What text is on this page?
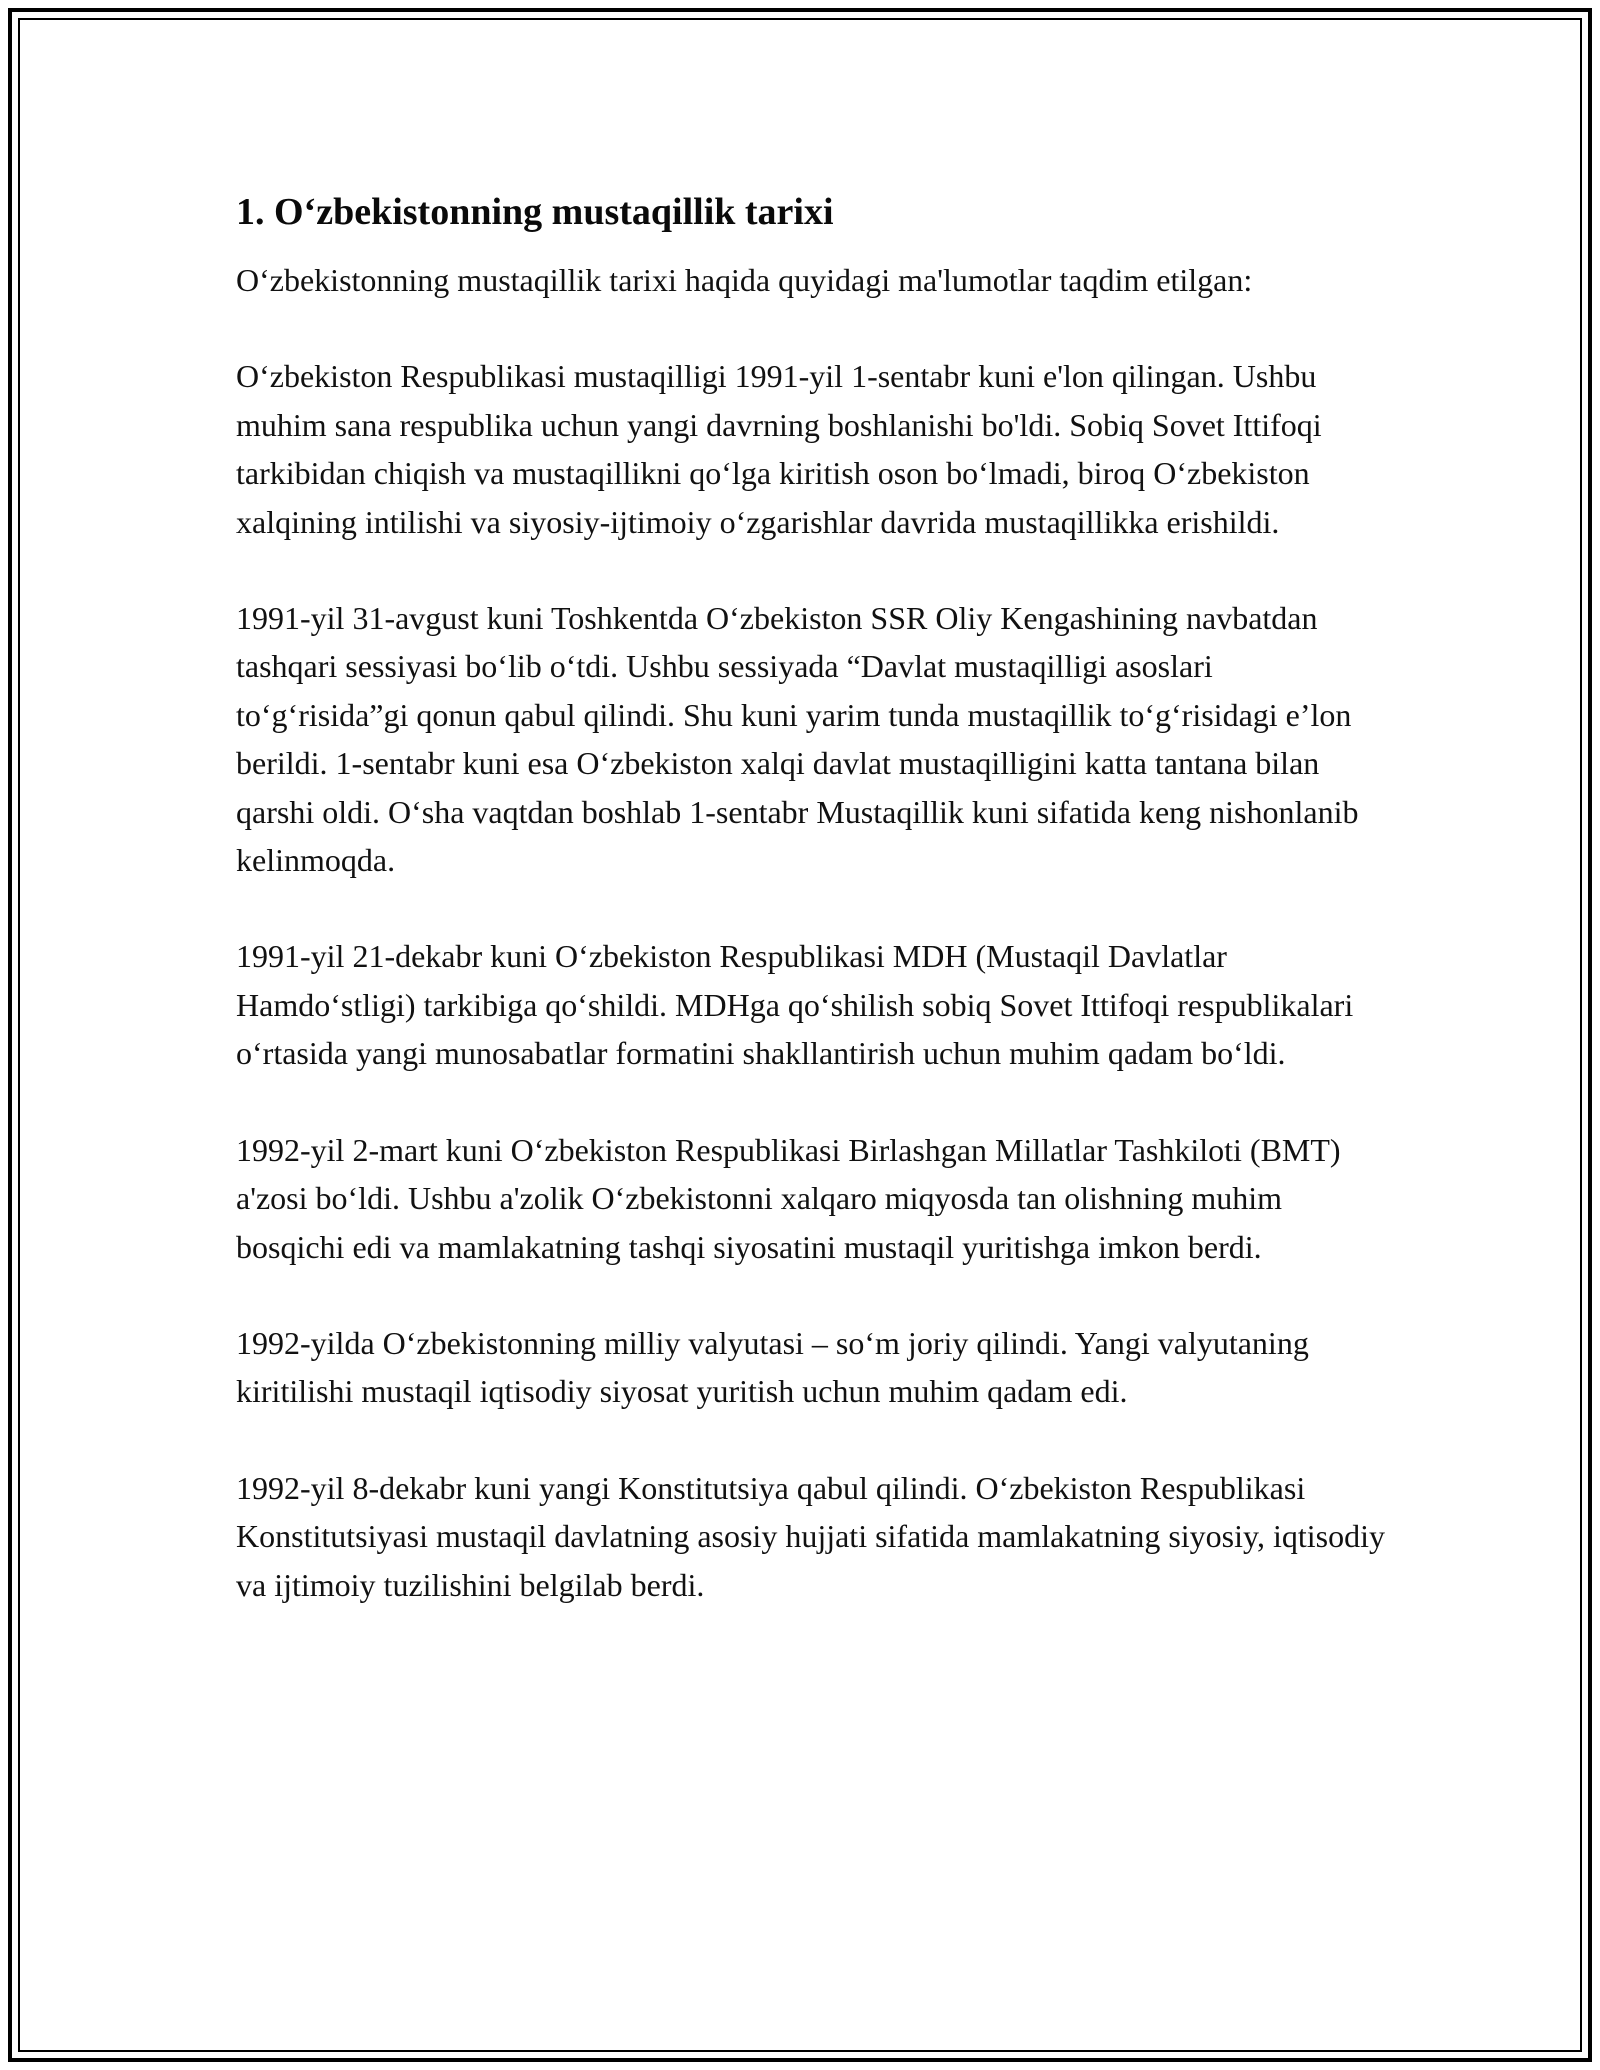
1. O‘zbekistonning mustaqillik tarixi

O‘zbekistonning mustaqillik tarixi haqida quyidagi ma'lumotlar taqdim etilgan:

O‘zbekiston Respublikasi mustaqilligi 1991-yil 1-sentabr kuni e'lon qilingan. Ushbu muhim sana respublika uchun yangi davrning boshlanishi bo'ldi. Sobiq Sovet Ittifoqi tarkibidan chiqish va mustaqillikni qo‘lga kiritish oson bo‘lmadi, biroq O‘zbekiston xalqining intilishi va siyosiy-ijtimoiy o‘zgarishlar davrida mustaqillikka erishildi.

1991-yil 31-avgust kuni Toshkentda O‘zbekiston SSR Oliy Kengashining navbatdan tashqari sessiyasi bo‘lib o‘tdi. Ushbu sessiyada “Davlat mustaqilligi asoslari to‘g‘risida”gi qonun qabul qilindi. Shu kuni yarim tunda mustaqillik to‘g‘risidagi e’lon berildi. 1-sentabr kuni esa O‘zbekiston xalqi davlat mustaqilligini katta tantana bilan qarshi oldi. O‘sha vaqtdan boshlab 1-sentabr Mustaqillik kuni sifatida keng nishonlanib kelinmoqda.

1991-yil 21-dekabr kuni O‘zbekiston Respublikasi MDH (Mustaqil Davlatlar Hamdo‘stligi) tarkibiga qo‘shildi. MDHga qo‘shilish sobiq Sovet Ittifoqi respublikalari o‘rtasida yangi munosabatlar formatini shakllantirish uchun muhim qadam bo‘ldi.

1992-yil 2-mart kuni O‘zbekiston Respublikasi Birlashgan Millatlar Tashkiloti (BMT) a'zosi bo‘ldi. Ushbu a'zolik O‘zbekistonni xalqaro miqyosda tan olishning muhim bosqichi edi va mamlakatning tashqi siyosatini mustaqil yuritishga imkon berdi.

1992-yilda O‘zbekistonning milliy valyutasi – so‘m joriy qilindi. Yangi valyutaning kiritilishi mustaqil iqtisodiy siyosat yuritish uchun muhim qadam edi.

1992-yil 8-dekabr kuni yangi Konstitutsiya qabul qilindi. O‘zbekiston Respublikasi Konstitutsiyasi mustaqil davlatning asosiy hujjati sifatida mamlakatning siyosiy, iqtisodiy va ijtimoiy tuzilishini belgilab berdi.
